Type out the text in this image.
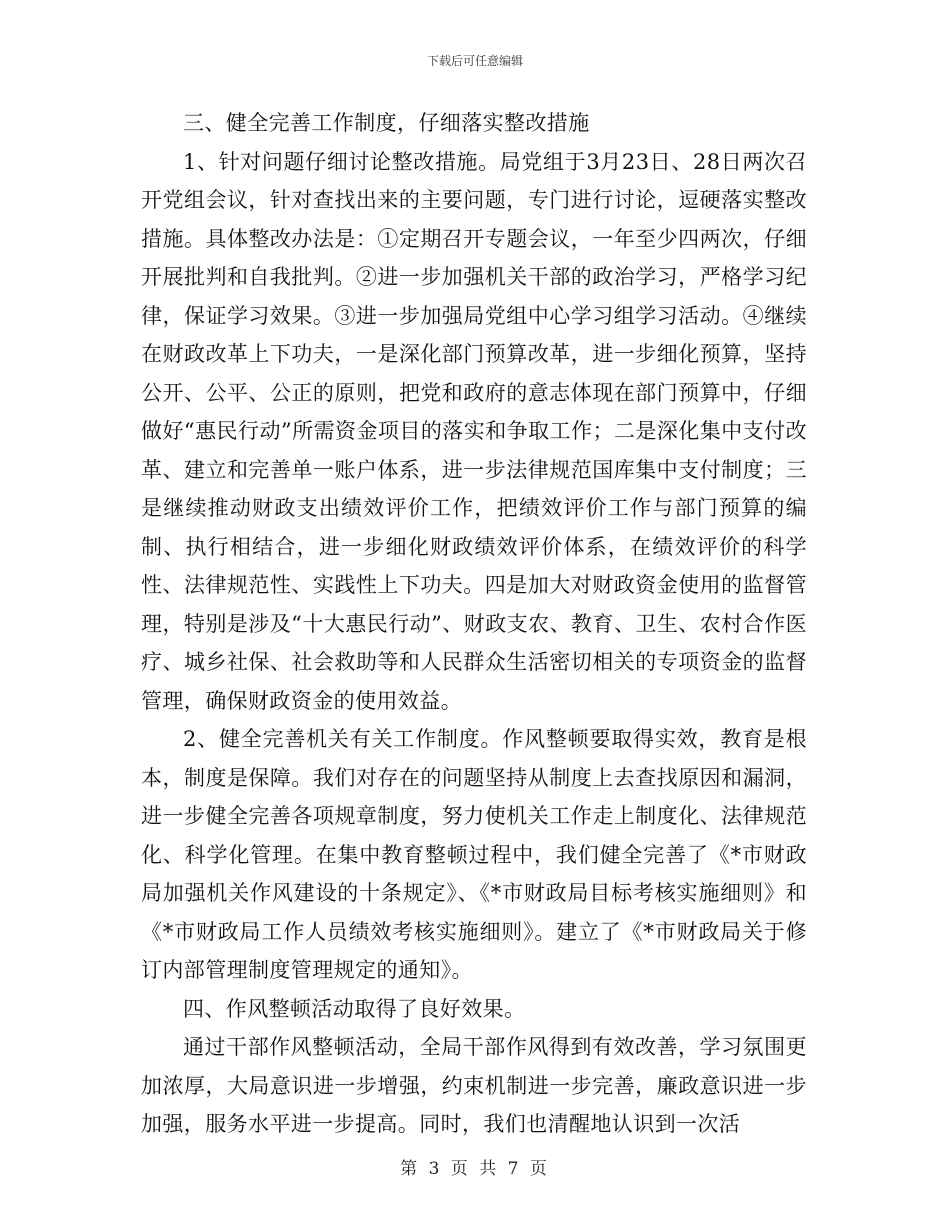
下载后可任意编辑

三、健全完善工作制度，仔细落实整改措施

1、针对问题仔细讨论整改措施。局党组于3月23日、28日两次召开党组会议，针对查找出来的主要问题，专门进行讨论，逗硬落实整改措施。具体整改办法是：①定期召开专题会议，一年至少四两次，仔细开展批判和自我批判。②进一步加强机关干部的政治学习，严格学习纪律，保证学习效果。③进一步加强局党组中心学习组学习活动。④继续在财政改革上下功夫，一是深化部门预算改革，进一步细化预算，坚持公开、公平、公正的原则，把党和政府的意志体现在部门预算中，仔细做好“惠民行动”所需资金项目的落实和争取工作；二是深化集中支付改革、建立和完善单一账户体系，进一步法律规范国库集中支付制度；三是继续推动财政支出绩效评价工作，把绩效评价工作与部门预算的编制、执行相结合，进一步细化财政绩效评价体系，在绩效评价的科学性、法律规范性、实践性上下功夫。四是加大对财政资金使用的监督管理，特别是涉及“十大惠民行动”、财政支农、教育、卫生、农村合作医疗、城乡社保、社会救助等和人民群众生活密切相关的专项资金的监督管理，确保财政资金的使用效益。

2、健全完善机关有关工作制度。作风整顿要取得实效，教育是根本，制度是保障。我们对存在的问题坚持从制度上去查找原因和漏洞，进一步健全完善各项规章制度，努力使机关工作走上制度化、法律规范化、科学化管理。在集中教育整顿过程中，我们健全完善了《*市财政局加强机关作风建设的十条规定》、《*市财政局目标考核实施细则》和《*市财政局工作人员绩效考核实施细则》。建立了《*市财政局关于修订内部管理制度管理规定的通知》。

四、作风整顿活动取得了良好效果。

通过干部作风整顿活动，全局干部作风得到有效改善，学习氛围更加浓厚，大局意识进一步增强，约束机制进一步完善，廉政意识进一步加强，服务水平进一步提高。同时，我们也清醒地认识到一次活

第 3 页 共 7 页
